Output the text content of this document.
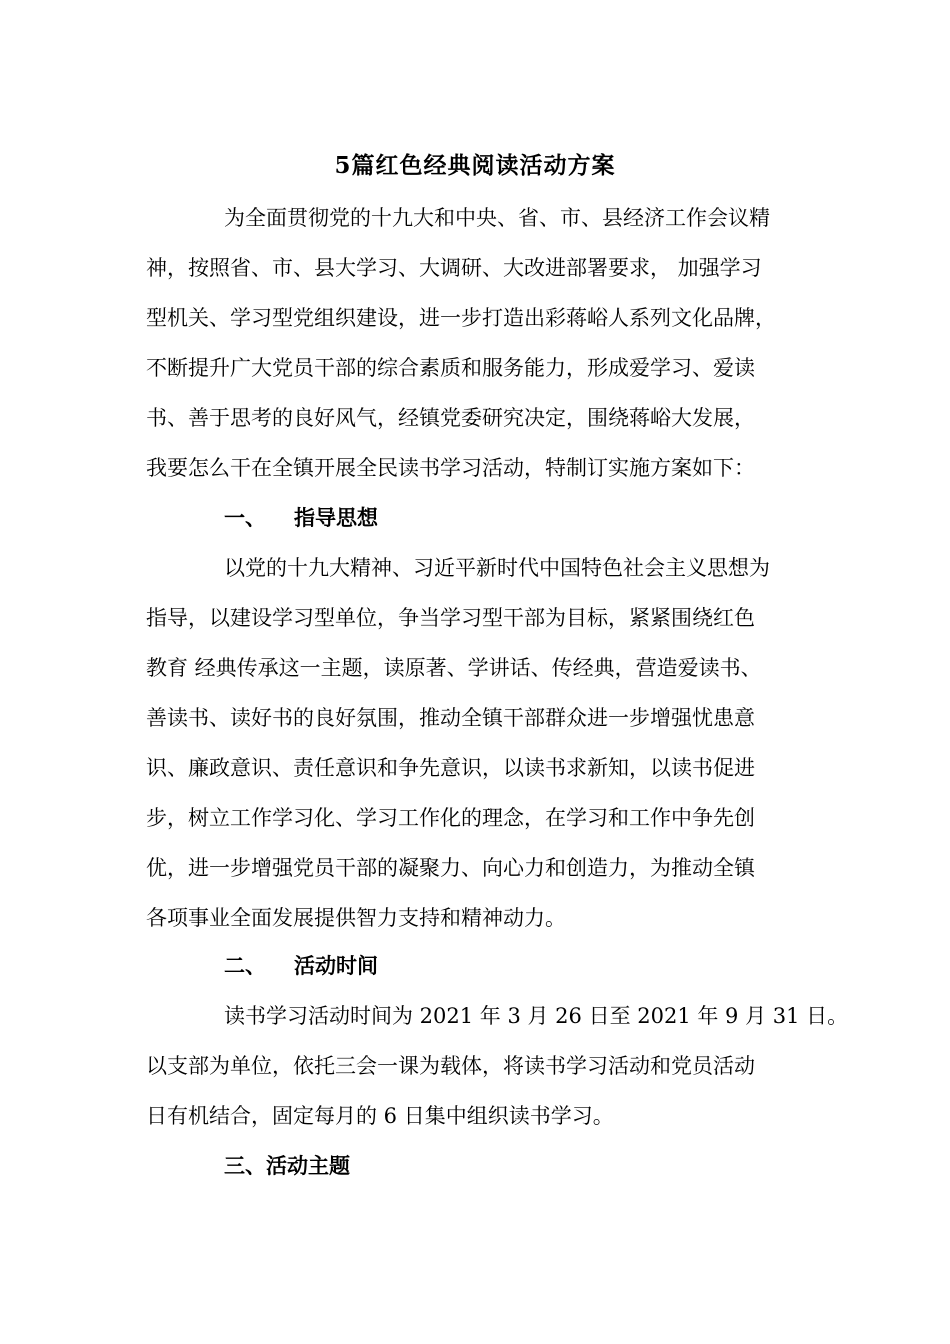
5篇红色经典阅读活动方案
为全面贯彻党的十九大和中央、省、市、县经济工作会议精
神，按照省、市、县大学习、大调研、大改进部署要求， 加强学习
型机关、学习型党组织建设，进一步打造出彩蒋峪人系列文化品牌，
不断提升广大党员干部的综合素质和服务能力，形成爱学习、爱读
书、善于思考的良好风气，经镇党委研究决定，围绕蒋峪大发展，
我要怎么干在全镇开展全民读书学习活动，特制订实施方案如下：
一、 指导思想
以党的十九大精神、习近平新时代中国特色社会主义思想为
指导，以建设学习型单位，争当学习型干部为目标，紧紧围绕红色
教育 经典传承这一主题，读原著、学讲话、传经典，营造爱读书、
善读书、读好书的良好氛围，推动全镇干部群众进一步增强忧患意
识、廉政意识、责任意识和争先意识，以读书求新知，以读书促进
步，树立工作学习化、学习工作化的理念，在学习和工作中争先创
优，进一步增强党员干部的凝聚力、向心力和创造力，为推动全镇
各项事业全面发展提供智力支持和精神动力。
二、 活动时间
读书学习活动时间为 2021 年 3 月 26 日至 2021 年 9 月 31 日。
以支部为单位，依托三会一课为载体，将读书学习活动和党员活动
日有机结合，固定每月的 6 日集中组织读书学习。
三、活动主题
